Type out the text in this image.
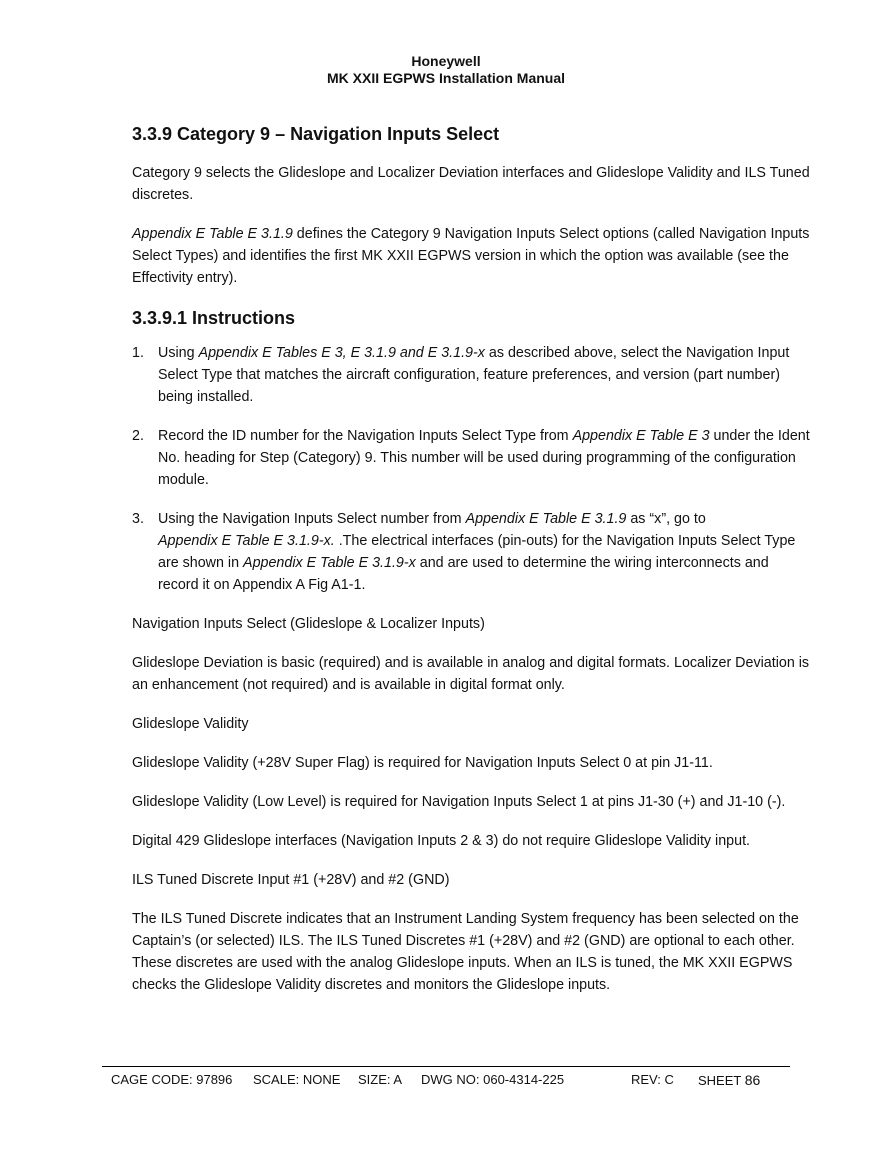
Honeywell
MK XXII EGPWS Installation Manual
3.3.9 Category 9 – Navigation Inputs Select

Category 9 selects the Glideslope and Localizer Deviation interfaces and Glideslope Validity and ILS Tuned discretes.

Appendix E Table E 3.1.9 defines the Category 9 Navigation Inputs Select options (called Navigation Inputs Select Types) and identifies the first MK XXII EGPWS version in which the option was available (see the Effectivity entry).

3.3.9.1 Instructions
1. Using Appendix E Tables E 3, E 3.1.9 and E 3.1.9-x as described above, select the Navigation Input Select Type that matches the aircraft configuration, feature preferences, and version (part number) being installed.
2. Record the ID number for the Navigation Inputs Select Type from Appendix E Table E 3 under the Ident No. heading for Step (Category) 9. This number will be used during programming of the configuration module.
3. Using the Navigation Inputs Select number from Appendix E Table E 3.1.9 as “x”, go to
Appendix E Table E 3.1.9-x. .The electrical interfaces (pin-outs) for the Navigation Inputs Select Type are shown in Appendix E Table E 3.1.9-x and are used to determine the wiring interconnects and record it on Appendix A Fig A1-1.

Navigation Inputs Select (Glideslope & Localizer Inputs)

Glideslope Deviation is basic (required) and is available in analog and digital formats. Localizer Deviation is an enhancement (not required) and is available in digital format only.

Glideslope Validity

Glideslope Validity (+28V Super Flag) is required for Navigation Inputs Select 0 at pin J1-11.

Glideslope Validity (Low Level) is required for Navigation Inputs Select 1 at pins J1-30 (+) and J1-10 (-).

Digital 429 Glideslope interfaces (Navigation Inputs 2 & 3) do not require Glideslope Validity input.

ILS Tuned Discrete Input #1 (+28V) and #2 (GND)

The ILS Tuned Discrete indicates that an Instrument Landing System frequency has been selected on the Captain’s (or selected) ILS. The ILS Tuned Discretes #1 (+28V) and #2 (GND) are optional to each other. These discretes are used with the analog Glideslope inputs. When an ILS is tuned, the MK XXII EGPWS checks the Glideslope Validity discretes and monitors the Glideslope inputs.

CAGE CODE: 97896 SCALE: NONE SIZE: A DWG NO: 060-4314-225	REV: C SHEET 86
